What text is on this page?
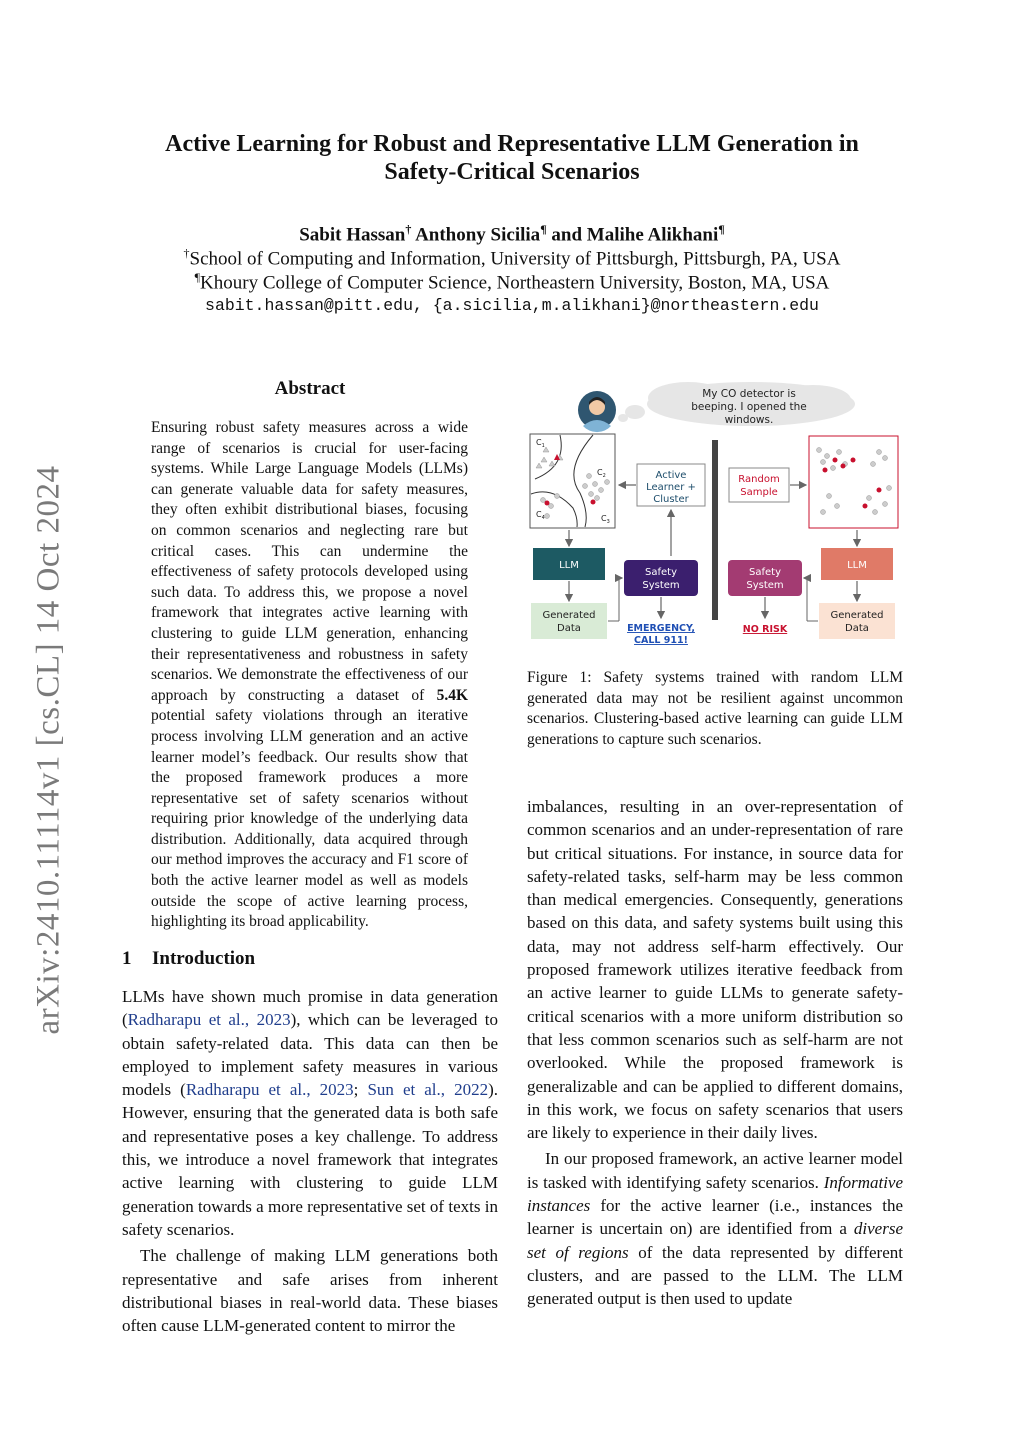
Active Learning for Robust and Representative LLM Generation in
Safety-Critical Scenarios
Sabit Hassan† Anthony Sicilia¶ and Malihe Alikhani¶
†School of Computing and Information, University of Pittsburgh, Pittsburgh, PA, USA
¶Khoury College of Computer Science, Northeastern University, Boston, MA, USA
sabit.hassan@pitt.edu, {a.sicilia,m.alikhani}@northeastern.edu
arXiv:2410.11114v1 [cs.CL] 14 Oct 2024
Abstract
Ensuring robust safety measures across a wide range of scenarios is crucial for user-facing systems. While Large Language Models (LLMs) can generate valuable data for safety measures, they often exhibit distributional biases, focusing on common scenarios and neglecting rare but critical cases. This can undermine the effectiveness of safety protocols developed using such data. To address this, we propose a novel framework that integrates active learning with clustering to guide LLM generation, enhancing their representativeness and robustness in safety scenarios. We demonstrate the effectiveness of our approach by constructing a dataset of 5.4K potential safety violations through an iterative process involving LLM generation and an active learner model’s feedback. Our results show that the proposed framework produces a more representative set of safety scenarios without requiring prior knowledge of the underlying data distribution. Additionally, data acquired through our method improves the accuracy and F1 score of both the active learner model as well as models outside the scope of active learning process, highlighting its broad applicability.
1 Introduction

LLMs have shown much promise in data generation (Radharapu et al., 2023), which can be leveraged to obtain safety-related data. This data can then be employed to implement safety measures in various models (Radharapu et al., 2023; Sun et al., 2022). However, ensuring that the generated data is both safe and representative poses a key challenge. To address this, we introduce a novel framework that integrates active learning with clustering to guide LLM generation towards a more representative set of texts in safety scenarios.

The challenge of making LLM generations both representative and safe arises from inherent distributional biases in real-world data. These biases often cause LLM-generated content to mirror the

My CO detector is
beeping. I opened the
windows.
$C_1$
$C_2$
$C_3$
$C_4$
Active
Learner +
Cluster
Random
Sample
LLM	LLM
Generated
Data
Generated
Data
Safety
System
EMERGENCY,
CALL 911!
Safety
System
NO RISK
Figure 1: Safety systems trained with random LLM generated data may not be resilient against uncommon scenarios. Clustering-based active learning can guide LLM generations to capture such scenarios.

imbalances, resulting in an over-representation of common scenarios and an under-representation of rare but critical situations. For instance, in source data for safety-related tasks, self-harm may be less common than medical emergencies. Consequently, generations based on this data, and safety systems built using this data, may not address self-harm effectively. Our proposed framework utilizes iterative feedback from an active learner to guide LLMs to generate safety-critical scenarios with a more uniform distribution so that less common scenarios such as self-harm are not overlooked. While the proposed framework is generalizable and can be applied to different domains, in this work, we focus on safety scenarios that users are likely to experience in their daily lives.

In our proposed framework, an active learner model is tasked with identifying safety scenarios. Informative instances for the active learner (i.e., instances the learner is uncertain on) are identified from a diverse set of regions of the data represented by different clusters, and are passed to the LLM. The LLM generated output is then used to update
